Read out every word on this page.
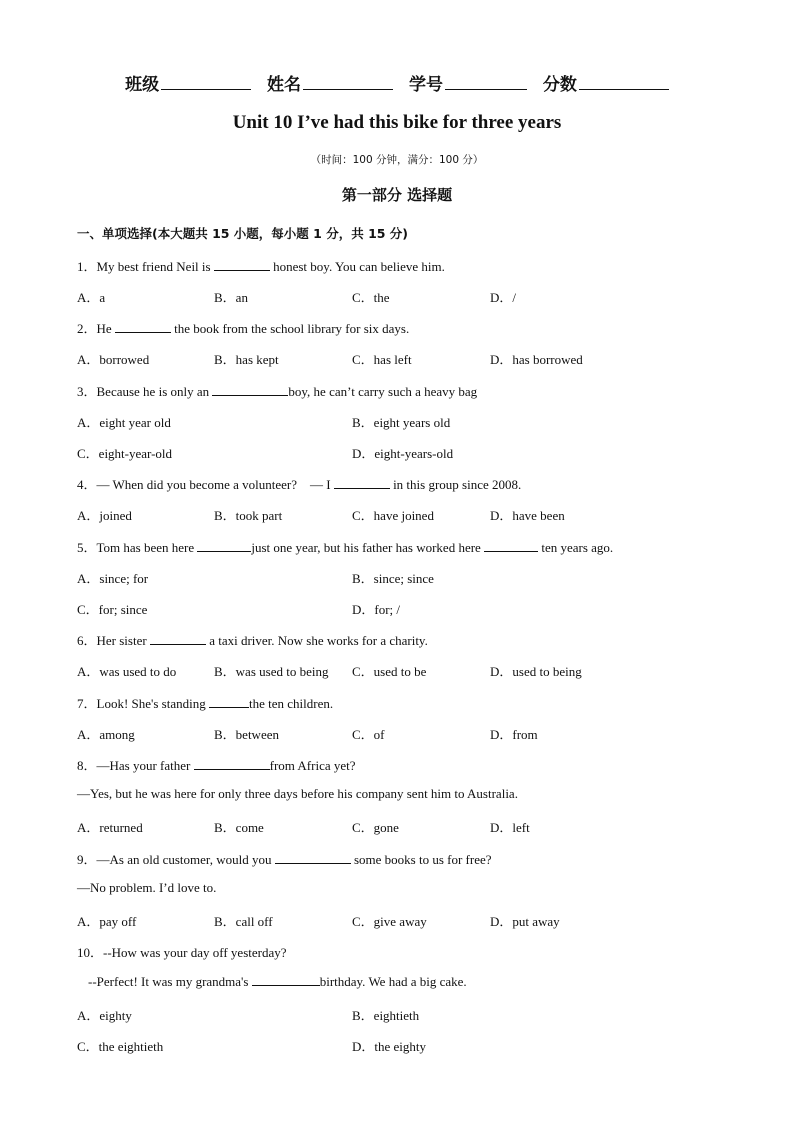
班级	姓名	学号	分数
Unit 10 I’ve had this bike for three years
（时间：100 分钟，满分：100 分）
第一部分 选择题
一、单项选择(本大题共 15 小题，每小题 1 分，共 15 分)
1．My best friend Neil is	honest boy. You can believe him.
A．a	B．an	C．the	D．/
2．He	the book from the school library for six days.
A．borrowed	B．has kept	C．has left	D．has borrowed
3．Because he is only an	boy, he can’t carry such a heavy bag
A．eight year old	B．eight years old
C．eight-year-old	D．eight-years-old
4．— When did you become a volunteer?　— I	in this group since 2008.
A．joined	B．took part	C．have joined	D．have been
5．Tom has been here	just one year, but his father has worked here	ten years ago.
A．since; for	B．since; since
C．for; since	D．for; /
6．Her sister	a taxi driver. Now she works for a charity.
A．was used to do	B．was used to being C．used to be	D．used to being
7．Look! She's standing	the ten children.
A．among	B．between	C．of	D．from
8．—Has your father	from Africa yet?
—Yes, but he was here for only three days before his company sent him to Australia.
A．returned	B．come	C．gone	D．left
9．—As an old customer, would you	some books to us for free?
—No problem. I’d love to.
A．pay off	B．call off	C．give away	D．put away
10．--How was your day off yesterday?
--Perfect! It was my grandma's	birthday. We had a big cake.
A．eighty	B．eightieth
C．the eightieth	D．the eighty
